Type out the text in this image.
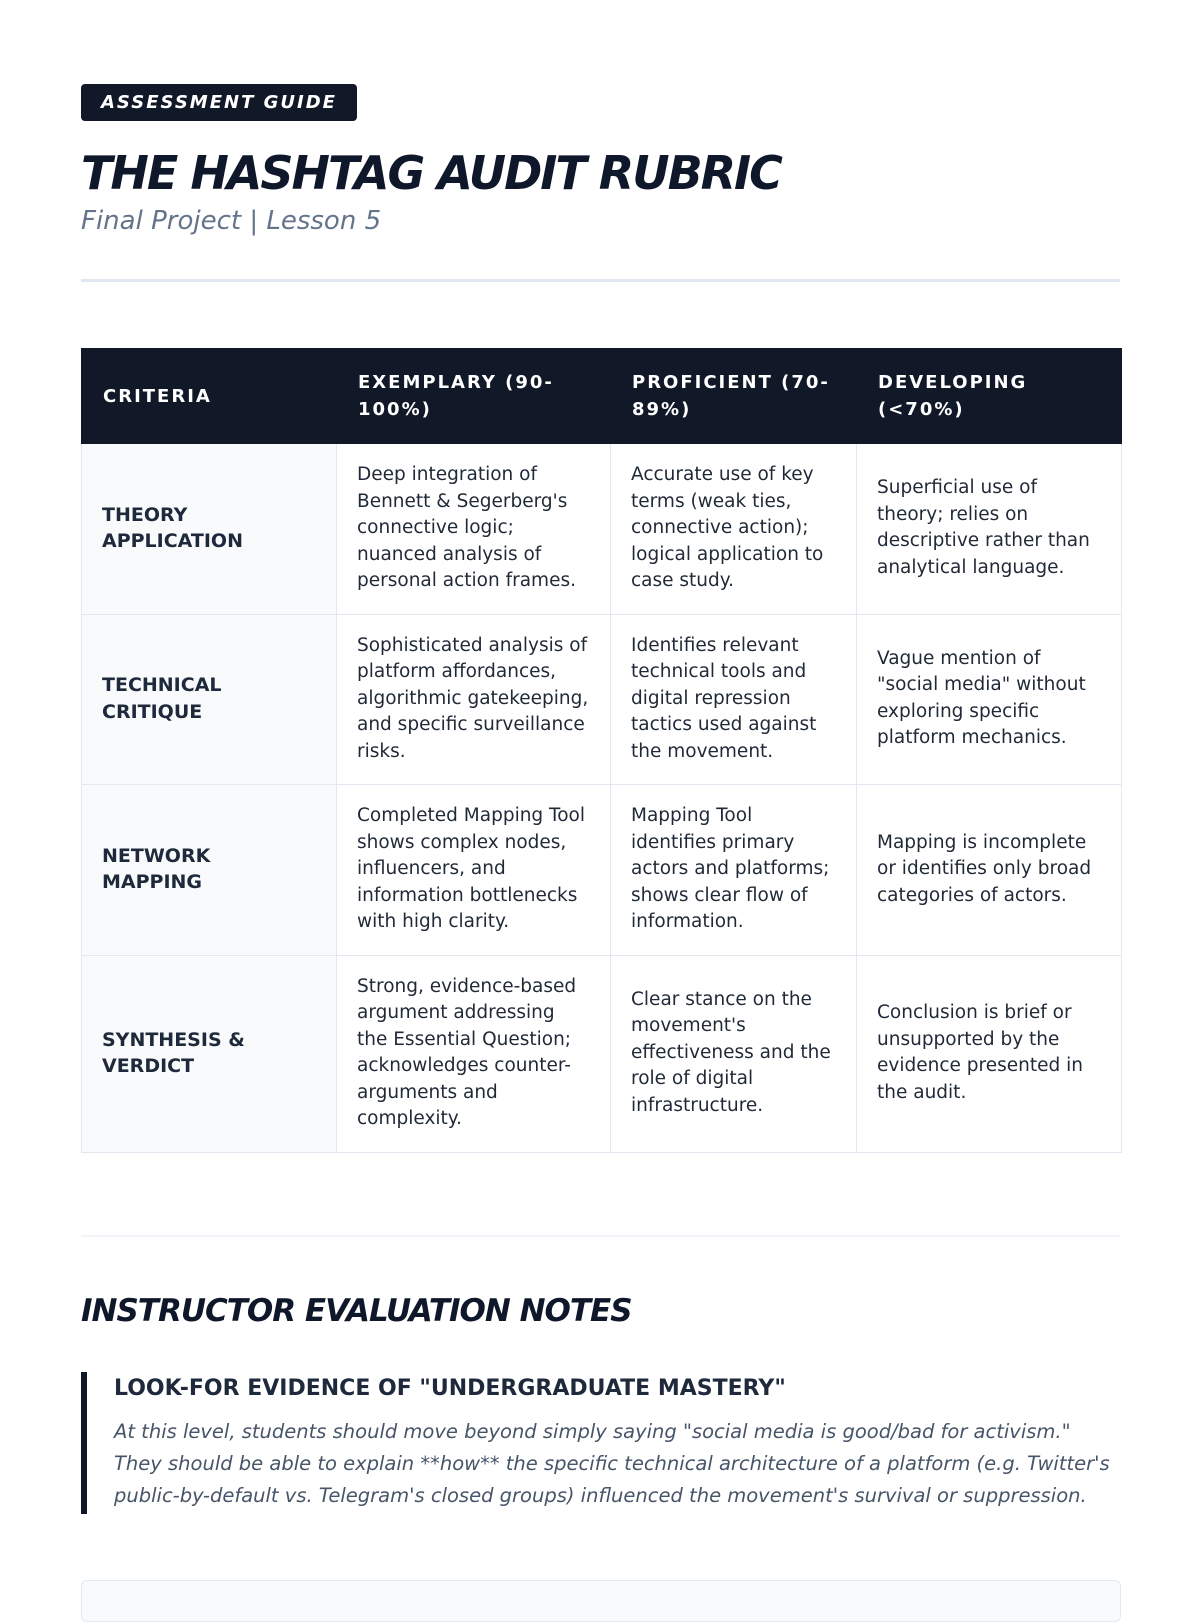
ASSESSMENT GUIDE
THE HASHTAG AUDIT RUBRIC
Final Project | Lesson 5
CRITERIA	EXEMPLARY (90-100%)	PROFICIENT (70-89%)	DEVELOPING (<70%)
THEORY APPLICATION	Deep integration of Bennett & Segerberg's connective logic; nuanced analysis of personal action frames.	Accurate use of key terms (weak ties, connective action); logical application to case study.	Superficial use of theory; relies on descriptive rather than analytical language.
TECHNICAL CRITIQUE	Sophisticated analysis of platform affordances, algorithmic gatekeeping, and specific surveillance risks.	Identifies relevant technical tools and digital repression tactics used against the movement.	Vague mention of "social media" without exploring specific platform mechanics.
NETWORK MAPPING	Completed Mapping Tool shows complex nodes, influencers, and information bottlenecks with high clarity.	Mapping Tool identifies primary actors and platforms; shows clear flow of information.	Mapping is incomplete or identifies only broad categories of actors.
SYNTHESIS & VERDICT	Strong, evidence-based argument addressing the Essential Question; acknowledges counter-arguments and complexity.	Clear stance on the movement's effectiveness and the role of digital infrastructure.	Conclusion is brief or unsupported by the evidence presented in the audit.
INSTRUCTOR EVALUATION NOTES

LOOK-FOR EVIDENCE OF "UNDERGRADUATE MASTERY"

At this level, students should move beyond simply saying "social media is good/bad for activism." They should be able to explain **how** the specific technical architecture of a platform (e.g. Twitter's public-by-default vs. Telegram's closed groups) influenced the movement's survival or suppression.
